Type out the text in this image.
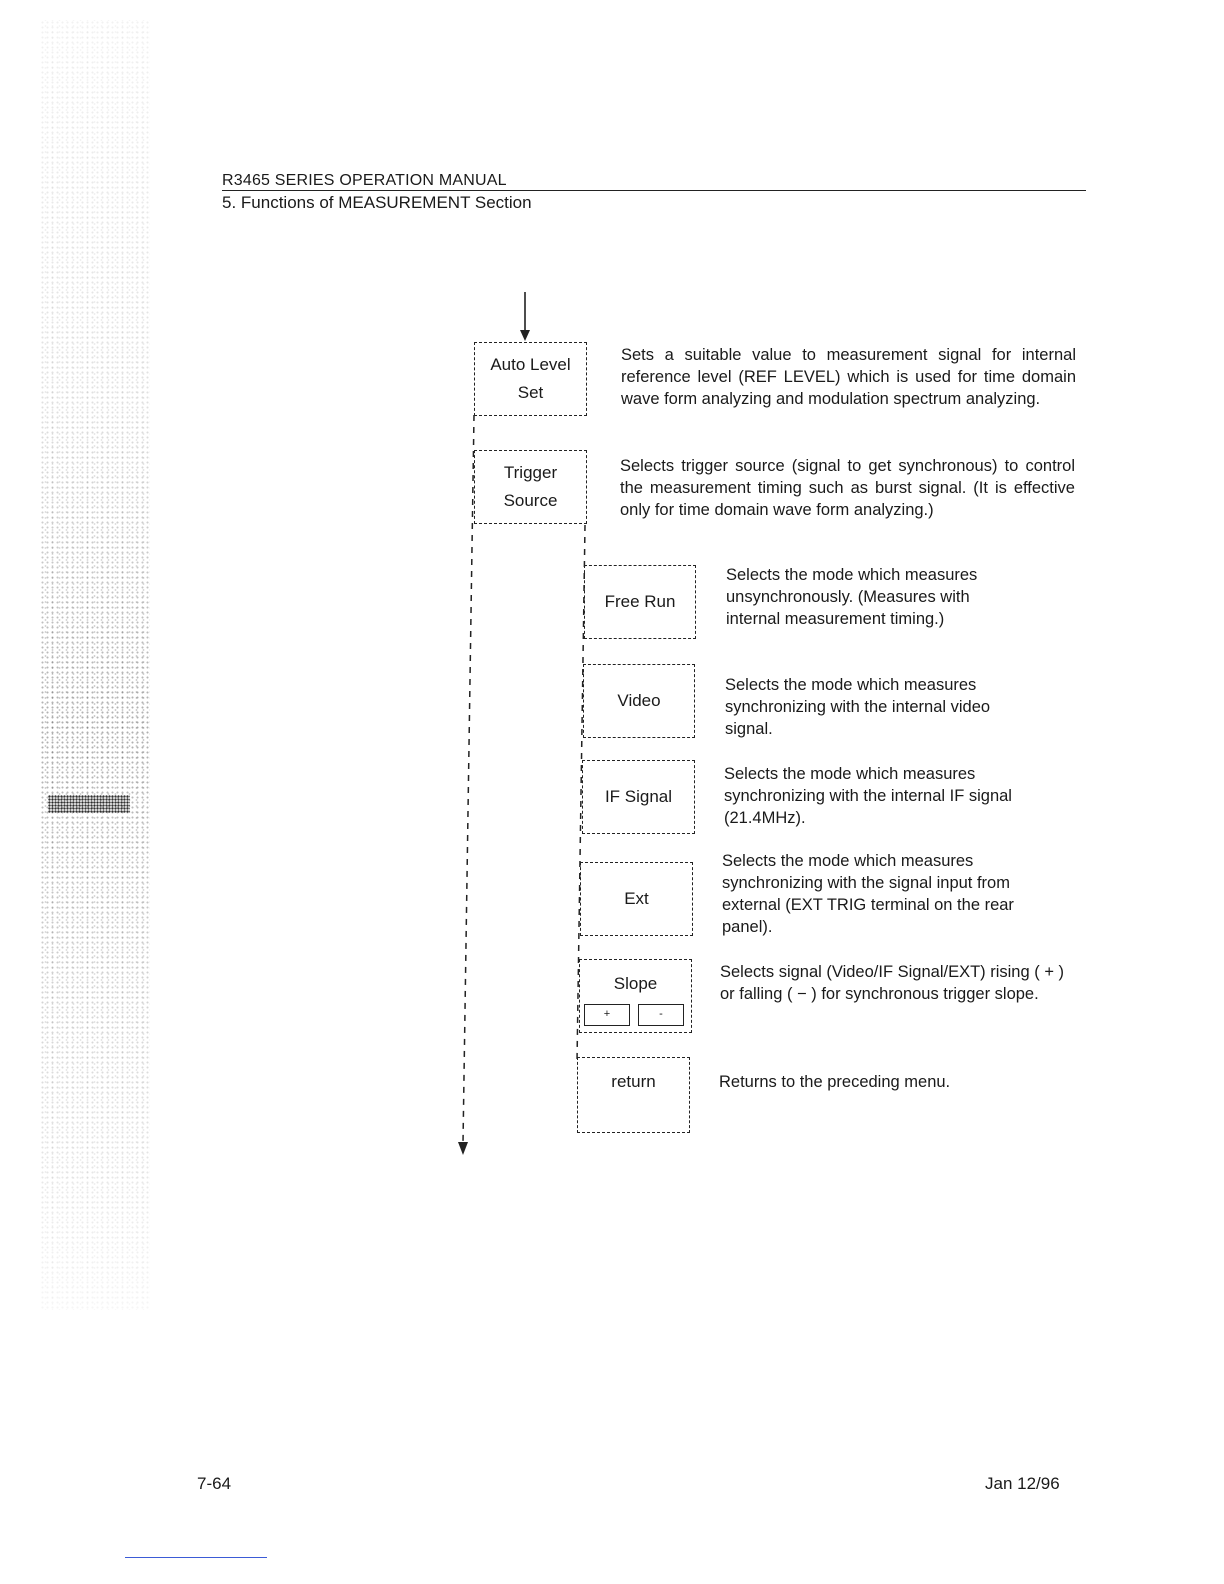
R3465 SERIES OPERATION MANUAL
5. Functions of MEASUREMENT Section
Auto Level
Set
Sets a suitable value to measurement signal for internal reference level (REF LEVEL) which is used for time domain wave form analyzing and modulation spectrum analyzing.
Trigger
Source
Selects trigger source (signal to get synchronous) to control the measurement timing such as burst signal. (It is effective only for time domain wave form analyzing.)
Free Run
Selects the mode which measures unsynchronously. (Measures with internal measurement timing.)
Video
Selects the mode which measures synchronizing with the internal video signal.
IF Signal
Selects the mode which measures synchronizing with the internal IF signal (21.4MHz).
Ext
Selects the mode which measures synchronizing with the signal input from external (EXT TRIG terminal on the rear panel).
Slope
+	-
Selects signal (Video/IF Signal/EXT) rising ( + ) or falling ( − ) for synchronous trigger slope.
return	Returns to the preceding menu.
7-64	Jan 12/96
